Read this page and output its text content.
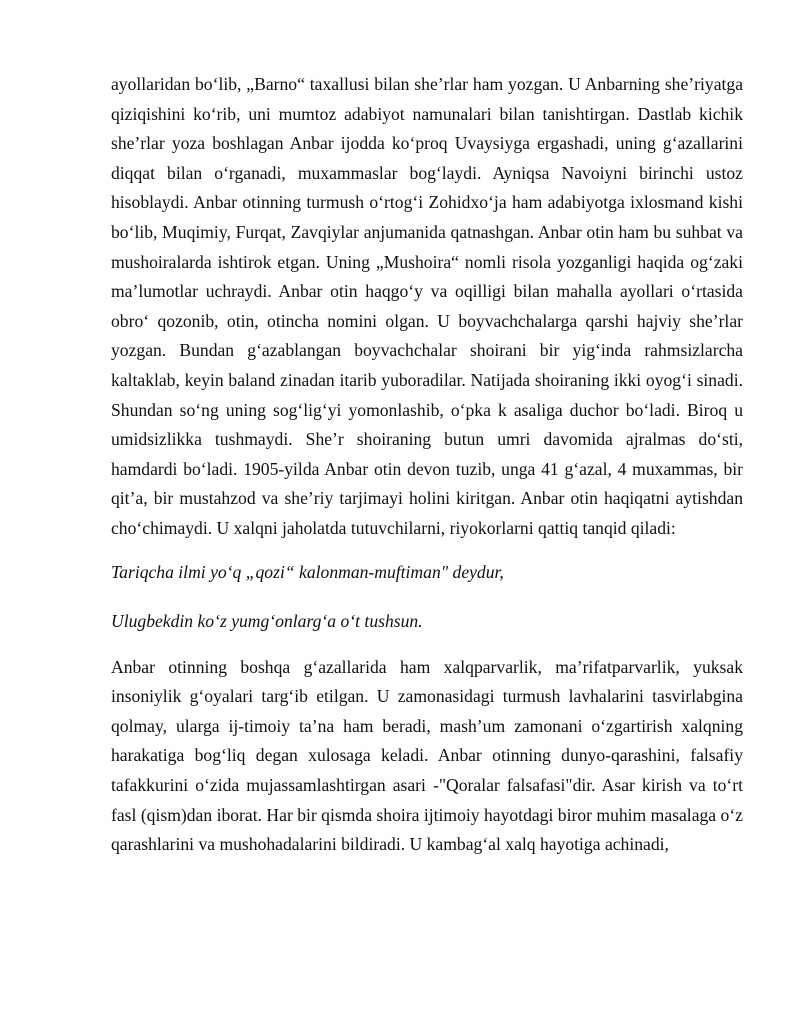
ayollaridan bo‘lib, „Barno“ taxallusi bilan she’rlar ham yozgan. U Anbarning she’riyatga qiziqishini ko‘rib, uni mumtoz adabiyot namunalari bilan tanishtirgan. Dastlab kichik she’rlar yoza boshlagan Anbar ijodda ko‘proq Uvaysiyga ergashadi, uning g‘azallarini diqqat bilan o‘rganadi, muxammaslar bog‘laydi. Ayniqsa Navoiyni birinchi ustoz hisoblaydi. Anbar otinning turmush o‘rtog‘i Zohidxo‘ja ham adabiyotga ixlosmand kishi bo‘lib, Muqimiy, Furqat, Zavqiylar anjumanida qatnashgan. Anbar otin ham bu suhbat va mushoiralarda ishtirok etgan. Uning „Mushoira“ nomli risola yozganligi haqida og‘zaki ma’lumotlar uchraydi. Anbar otin haqgo‘y va oqilligi bilan mahalla ayollari o‘rtasida obro‘ qozonib, otin, otincha nomini olgan. U boyvachchalarga qarshi hajviy she’rlar yozgan. Bundan g‘azablangan boyvachchalar shoirani bir yig‘inda rahmsizlarcha kaltaklab, keyin baland zinadan itarib yuboradilar. Natijada shoiraning ikki oyog‘i sinadi. Shundan so‘ng uning sog‘lig‘yi yomonlashib, o‘pka k asaliga duchor bo‘ladi. Biroq u umidsizlikka tushmaydi. She’r shoiraning butun umri davomida ajralmas do‘sti, hamdardi bo‘ladi. 1905-yilda Anbar otin devon tuzib, unga 41 g‘azal, 4 muxammas, bir qit’a, bir mustahzod va she’riy tarjimayi holini kiritgan. Anbar otin haqiqatni aytishdan cho‘chimaydi. U xalqni jaholatda tutuvchilarni, riyokorlarni qattiq tanqid qiladi:

Tariqcha ilmi yo‘q „qozi“ kalonman-muftiman" deydur,

Ulugbekdin ko‘z yumg‘onlarg‘a o‘t tushsun.

Anbar otinning boshqa g‘azallarida ham xalqparvarlik, ma’rifatparvarlik, yuksak insoniylik g‘oyalari targ‘ib etilgan. U zamonasidagi turmush lavhalarini tasvirlabgina qolmay, ularga ij-timoiy ta’na ham beradi, mash’um zamonani o‘zgartirish xalqning harakatiga bog‘liq degan xulosaga keladi. Anbar otinning dunyo-qarashini, falsafiy tafakkurini o‘zida mujassamlashtirgan asari -"Qoralar falsafasi"dir. Asar kirish va to‘rt fasl (qism)dan iborat. Har bir qismda shoira ijtimoiy hayotdagi biror muhim masalaga o‘z qarashlarini va mushohadalarini bildiradi. U kambag‘al xalq hayotiga achinadi,
